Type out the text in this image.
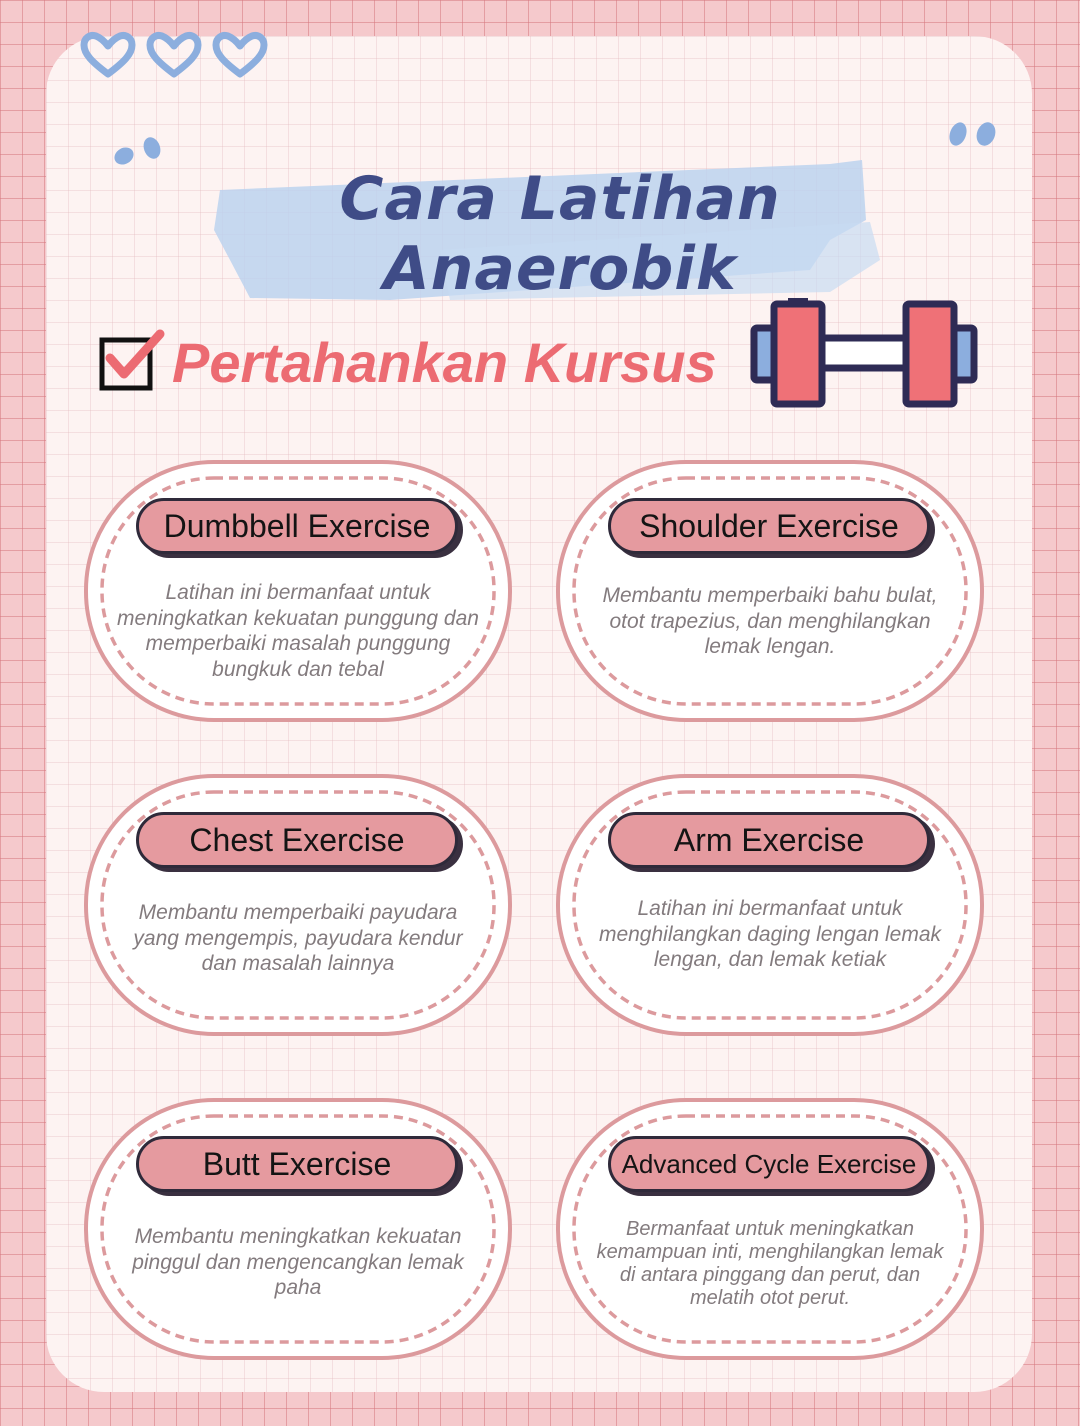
Cara Latihan Anaerobik
Pertahankan Kursus
Dumbbell Exercise
Latihan ini bermanfaat untuk meningkatkan kekuatan punggung dan memperbaiki masalah punggung bungkuk dan tebal
Shoulder Exercise
Membantu memperbaiki bahu bulat, otot trapezius, dan menghilangkan lemak lengan.
Chest Exercise
Membantu memperbaiki payudara yang mengempis, payudara kendur dan masalah lainnya
Arm Exercise
Latihan ini bermanfaat untuk menghilangkan daging lengan lemak lengan, dan lemak ketiak
Butt Exercise
Membantu meningkatkan kekuatan pinggul dan mengencangkan lemak paha
Advanced Cycle Exercise
Bermanfaat untuk meningkatkan kemampuan inti, menghilangkan lemak di antara pinggang dan perut, dan melatih otot perut.
